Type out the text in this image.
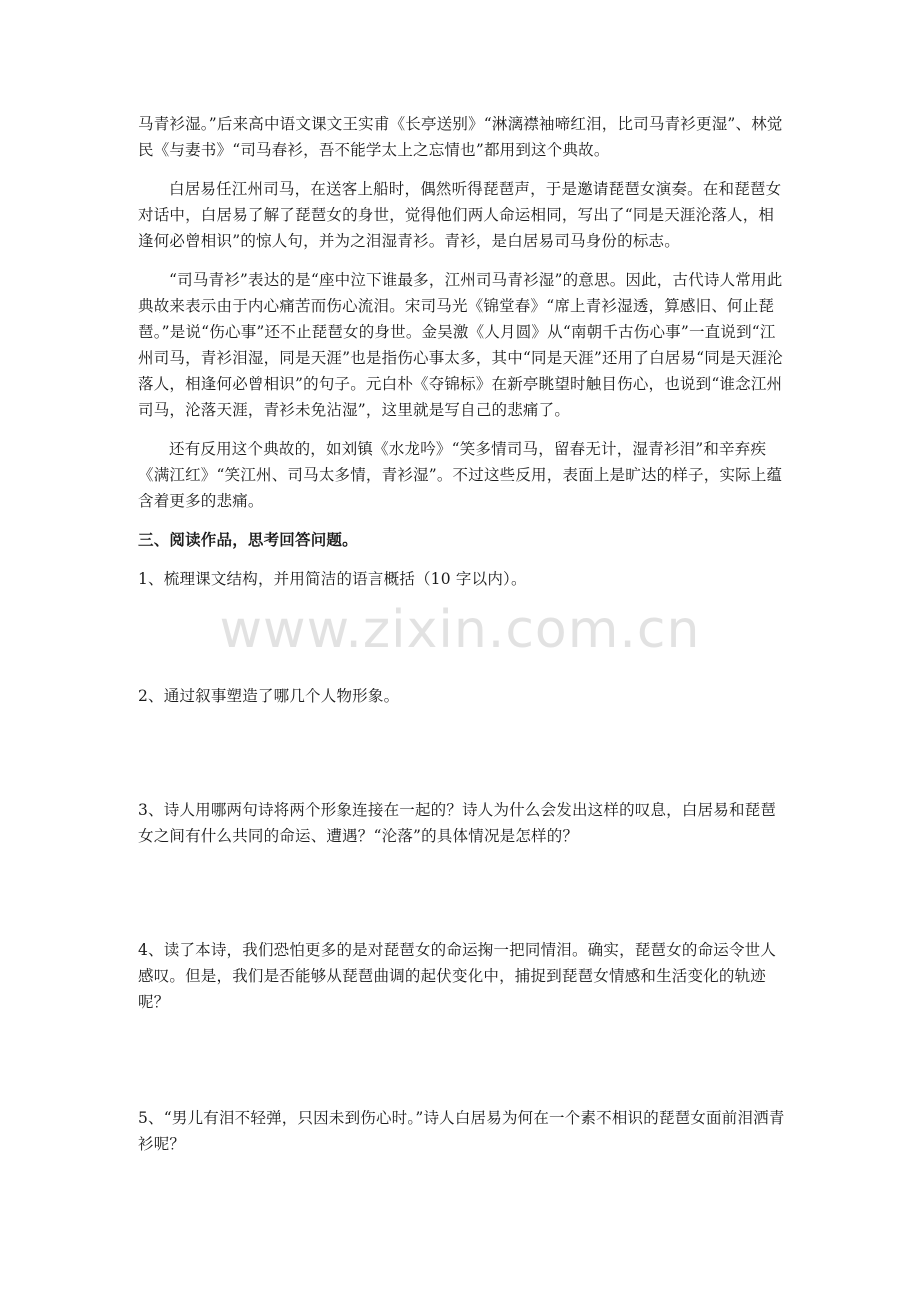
马青衫湿。”后来高中语文课文王实甫《长亭送别》“淋漓襟袖啼红泪，比司马青衫更湿”、林觉民《与妻书》“司马春衫，吾不能学太上之忘情也”都用到这个典故。

白居易任江州司马，在送客上船时，偶然听得琵琶声，于是邀请琵琶女演奏。在和琵琶女对话中，白居易了解了琵琶女的身世，觉得他们两人命运相同，写出了“同是天涯沦落人，相逢何必曾相识”的惊人句，并为之泪湿青衫。青衫，是白居易司马身份的标志。

“司马青衫”表达的是“座中泣下谁最多，江州司马青衫湿”的意思。因此，古代诗人常用此典故来表示由于内心痛苦而伤心流泪。宋司马光《锦堂春》“席上青衫湿透，算感旧、何止琵琶。”是说“伤心事”还不止琵琶女的身世。金吴激《人月圆》从“南朝千古伤心事”一直说到“江州司马，青衫泪湿，同是天涯”也是指伤心事太多，其中“同是天涯”还用了白居易“同是天涯沦落人，相逢何必曾相识”的句子。元白朴《夺锦标》在新亭眺望时触目伤心，也说到“谁念江州司马，沦落天涯，青衫未免沾湿”，这里就是写自己的悲痛了。

还有反用这个典故的，如刘镇《水龙吟》“笑多情司马，留春无计，湿青衫泪”和辛弃疾《满江红》“笑江州、司马太多情，青衫湿”。不过这些反用，表面上是旷达的样子，实际上蕴含着更多的悲痛。

三、阅读作品，思考回答问题。

1、梳理课文结构，并用简洁的语言概括（10 字以内）。

www.zixin.com.cn

2、通过叙事塑造了哪几个人物形象。

3、诗人用哪两句诗将两个形象连接在一起的？诗人为什么会发出这样的叹息，白居易和琵琶女之间有什么共同的命运、遭遇？“沦落”的具体情况是怎样的？

4、读了本诗，我们恐怕更多的是对琵琶女的命运掬一把同情泪。确实，琵琶女的命运令世人感叹。但是，我们是否能够从琵琶曲调的起伏变化中，捕捉到琵琶女情感和生活变化的轨迹呢？

5、“男儿有泪不轻弹，只因未到伤心时。”诗人白居易为何在一个素不相识的琵琶女面前泪洒青衫呢？
